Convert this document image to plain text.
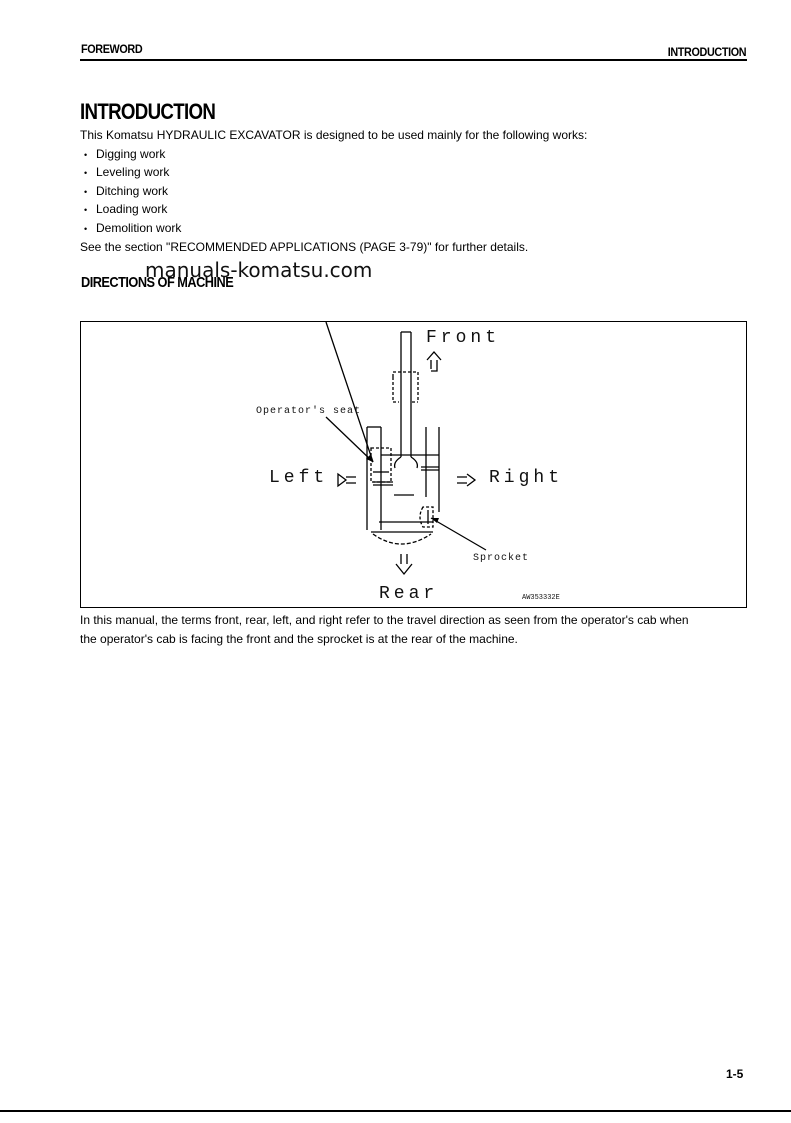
FOREWORD	INTRODUCTION
INTRODUCTION
This Komatsu HYDRAULIC EXCAVATOR is designed to be used mainly for the following works:
• Digging work
• Leveling work
• Ditching work
• Loading work
• Demolition work
See the section "RECOMMENDED APPLICATIONS (PAGE 3-79)" for further details.
DIRECTIONS OF MACHINE
manuals-komatsu.com
Front
Operator's seat
Left	Right
Sprocket
Rear	AW353332E
In this manual, the terms front, rear, left, and right refer to the travel direction as seen from the operator's cab when
the operator's cab is facing the front and the sprocket is at the rear of the machine.
1-5
